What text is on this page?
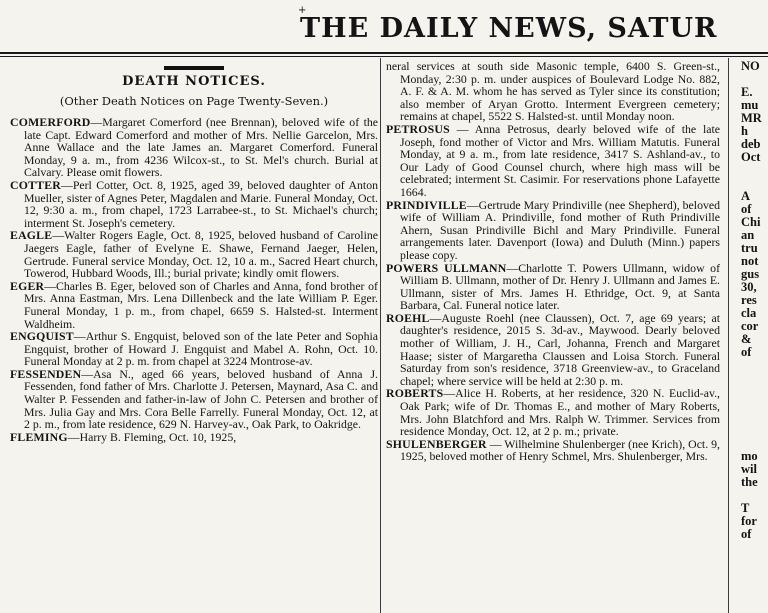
THE DAILY NEWS, SATUR
+

DEATH NOTICES.

(Other Death Notices on Page Twenty-Seven.)

COMERFORD—Margaret Comerford (nee Brennan), beloved wife of the late Capt. Edward Comerford and mother of Mrs. Nellie Garcelon, Mrs. Anne Wallace and the late James an. Margaret Comerford. Funeral Monday, 9 a. m., from 4236 Wilcox-st., to St. Mel's church. Burial at Calvary. Please omit flowers.

COTTER—Perl Cotter, Oct. 8, 1925, aged 39, beloved daughter of Anton Mueller, sister of Agnes Peter, Magdalen and Marie. Funeral Monday, Oct. 12, 9:30 a. m., from chapel, 1723 Larrabee-st., to St. Michael's church; interment St. Joseph's cemetery.

EAGLE—Walter Rogers Eagle, Oct. 8, 1925, beloved husband of Caroline Jaegers Eagle, father of Evelyne E. Shawe, Fernand Jaeger, Helen, Gertrude. Funeral service Monday, Oct. 12, 10 a. m., Sacred Heart church, Towerod, Hubbard Woods, Ill.; burial private; kindly omit flowers.

EGER—Charles B. Eger, beloved son of Charles and Anna, fond brother of Mrs. Anna Eastman, Mrs. Lena Dillenbeck and the late William P. Eger. Funeral Monday, 1 p. m., from chapel, 6659 S. Halsted-st. Interment Waldheim.

ENGQUIST—Arthur S. Engquist, beloved son of the late Peter and Sophia Engquist, brother of Howard J. Engquist and Mabel A. Rohn, Oct. 10. Funeral Monday at 2 p. m. from chapel at 3224 Montrose-av.

FESSENDEN—Asa N., aged 66 years, beloved husband of Anna J. Fessenden, fond father of Mrs. Charlotte J. Petersen, Maynard, Asa C. and Walter P. Fessenden and father-in-law of John C. Petersen and brother of Mrs. Julia Gay and Mrs. Cora Belle Farrelly. Funeral Monday, Oct. 12, at 2 p. m., from late residence, 629 N. Harvey-av., Oak Park, to Oakridge.

FLEMING—Harry B. Fleming, Oct. 10, 1925,

neral services at south side Masonic temple, 6400 S. Green-st., Monday, 2:30 p. m. under auspices of Boulevard Lodge No. 882, A. F. & A. M. whom he has served as Tyler since its constitution; also member of Aryan Grotto. Interment Evergreen cemetery; remains at chapel, 5522 S. Halsted-st. until Monday noon.

PETROSUS — Anna Petrosus, dearly beloved wife of the late Joseph, fond mother of Victor and Mrs. William Matutis. Funeral Monday, at 9 a. m., from late residence, 3417 S. Ashland-av., to Our Lady of Good Counsel church, where high mass will be celebrated; interment St. Casimir. For reservations phone Lafayette 1664.

PRINDIVILLE—Gertrude Mary Prindiville (nee Shepherd), beloved wife of William A. Prindiville, fond mother of Ruth Prindiville Ahern, Susan Prindiville Bichl and Mary Prindiville. Funeral arrangements later. Davenport (Iowa) and Duluth (Minn.) papers please copy.

POWERS ULLMANN—Charlotte T. Powers Ullmann, widow of William B. Ullmann, mother of Dr. Henry J. Ullmann and James E. Ullmann, sister of Mrs. James H. Ethridge, Oct. 9, at Santa Barbara, Cal. Funeral notice later.

ROEHL—Auguste Roehl (nee Claussen), Oct. 7, age 69 years; at daughter's residence, 2015 S. 3d-av., Maywood. Dearly beloved mother of William, J. H., Carl, Johanna, French and Margaret Haase; sister of Margaretha Claussen and Loisa Storch. Funeral Saturday from son's residence, 3718 Greenview-av., to Graceland chapel; where service will be held at 2:30 p. m.

ROBERTS—Alice H. Roberts, at her residence, 320 N. Euclid-av., Oak Park; wife of Dr. Thomas E., and mother of Mary Roberts, Mrs. John Blatchford and Mrs. Ralph W. Trimmer. Services from residence Monday, Oct. 12, at 2 p. m.; private.

SHULENBERGER — Wilhelmine Shulenberger (nee Krich), Oct. 9, 1925, beloved mother of Henry Schmel, Mrs. Shulenberger, Mrs.

NO
E.
mu
MR
h
deb
Oct
A
of
Chi
an
tru
not
gus
30,
res
cla
cor
&
of
mo
wil
the
T
for
of
